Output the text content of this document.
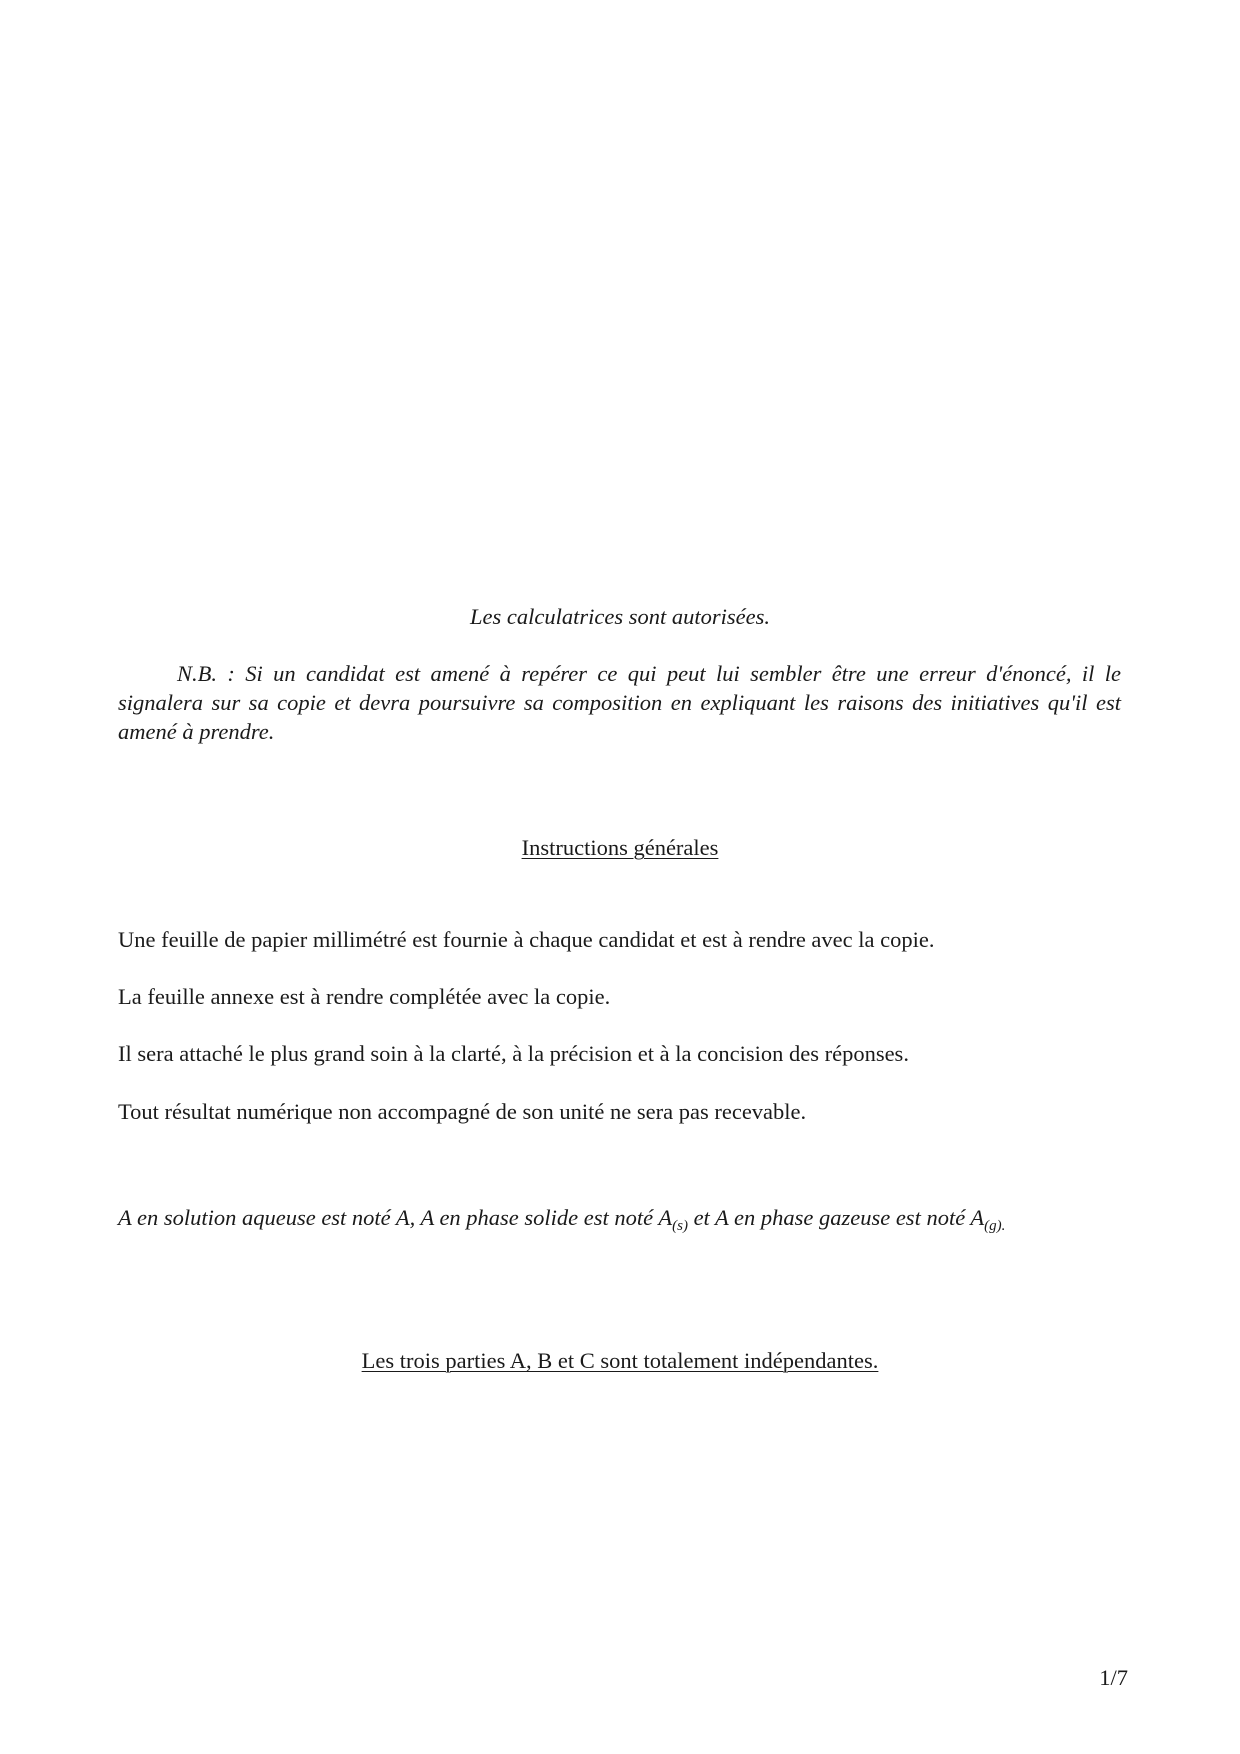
Les calculatrices sont autorisées.
N.B. : Si un candidat est amené à repérer ce qui peut lui sembler être une erreur d'énoncé, il le signalera sur sa copie et devra poursuivre sa composition en expliquant les raisons des initiatives qu'il est amené à prendre.
Instructions générales
Une feuille de papier millimétré est fournie à chaque candidat et est à rendre avec la copie.
La feuille annexe est à rendre complétée avec la copie.
Il sera attaché le plus grand soin à la clarté, à la précision et à la concision des réponses.
Tout résultat numérique non accompagné de son unité ne sera pas recevable.
A en solution aqueuse est noté A, A en phase solide est noté $A_{(s)}$ et A en phase gazeuse est noté $A_{(g).}$
Les trois parties A, B et C sont totalement indépendantes.
1/7
